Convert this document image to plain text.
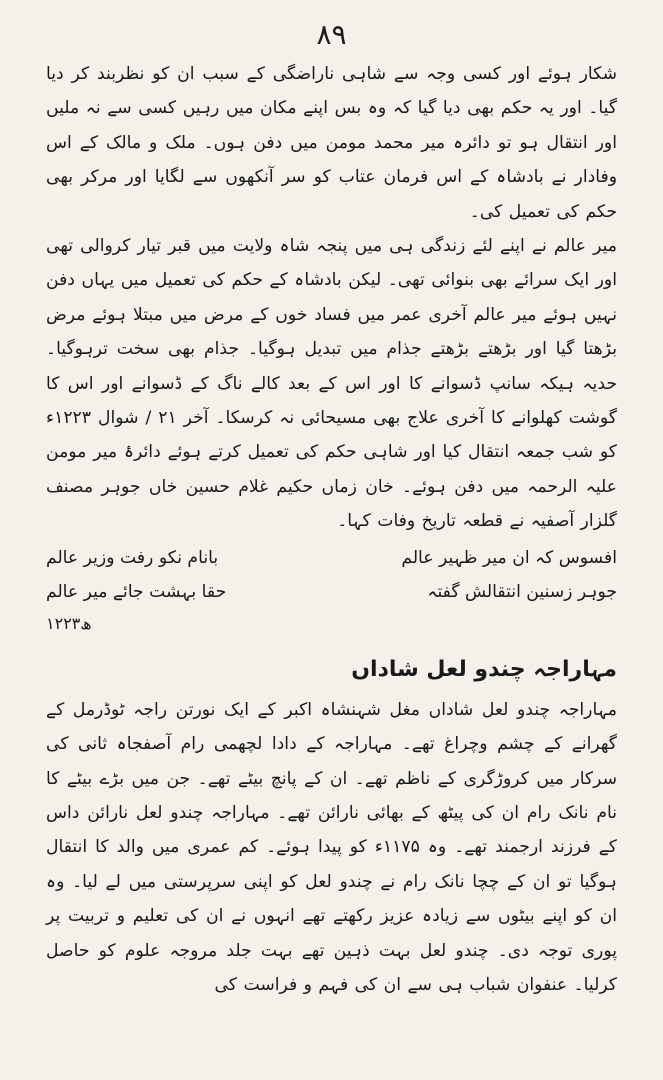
۸۹

شکار ہوئے اور کسی وجہ سے شاہی ناراضگی کے سبب ان کو نظربند کر دیا گیا۔ اور یہ حکم بھی دیا گیا کہ وہ بس اپنے مکان میں رہیں کسی سے نہ ملیں اور انتقال ہو تو دائرہ میر محمد مومن میں دفن ہوں۔ ملک و مالک کے اس وفادار نے بادشاہ کے اس فرمان عتاب کو سر آنکھوں سے لگایا اور مرکر بھی حکم کی تعمیل کی۔

میر عالم نے اپنے لئے زندگی ہی میں پنجہ شاہ ولایت میں قبر تیار کروالی تھی اور ایک سرائے بھی بنوائی تھی۔ لیکن بادشاہ کے حکم کی تعمیل میں یہاں دفن نہیں ہوئے میر عالم آخری عمر میں فساد خوں کے مرض میں مبتلا ہوئے مرض بڑھتا گیا اور بڑھتے بڑھتے جذام میں تبدیل ہوگیا۔ جذام بھی سخت ترہوگیا۔ حدیہ ہیکہ سانپ ڈسوانے کا اور اس کے بعد کالے ناگ کے ڈسوانے اور اس کا گوشت کھلوانے کا آخری علاج بھی مسیحائی نہ کرسکا۔ آخر ۲۱ / شوال ۱۲۲۳ء کو شب جمعہ انتقال کیا اور شاہی حکم کی تعمیل کرتے ہوئے دائرۂ میر مومن علیہ الرحمہ میں دفن ہوئے۔ خان زماں حکیم غلام حسین خاں جوہر مصنف گلزار آصفیہ نے قطعہ تاریخ وفات کہا۔

افسوس کہ ان میر ظہیر عالم
بانام نکو رفت وزیر عالم
جوہر زسنین انتقالش گفتہ
حقا بہشت جائے میر عالم
۱۲۲۳ھ
مہاراجہ چندو لعل شاداں

مہاراجہ چندو لعل شاداں مغل شہنشاہ اکبر کے ایک نورتن راجہ ٹوڈرمل کے گھرانے کے چشم وچراغ تھے۔ مہاراجہ کے دادا لچھمی رام آصفجاہ ثانی کی سرکار میں کروڑگری کے ناظم تھے۔ ان کے پانچ بیٹے تھے۔ جن میں بڑے بیٹے کا نام نانک رام ان کی پیٹھ کے بھائی نارائن تھے۔ مہاراجہ چندو لعل نارائن داس کے فرزند ارجمند تھے۔ وہ ۱۱۷۵ء کو پیدا ہوئے۔ کم عمری میں والد کا انتقال ہوگیا تو ان کے چچا نانک رام نے چندو لعل کو اپنی سرپرستی میں لے لیا۔ وہ ان کو اپنے بیٹوں سے زیادہ عزیز رکھتے تھے انہوں نے ان کی تعلیم و تربیت پر پوری توجہ دی۔ چندو لعل بہت ذہین تھے بہت جلد مروجہ علوم کو حاصل کرلیا۔ عنفوان شباب ہی سے ان کی فہم و فراست کی
